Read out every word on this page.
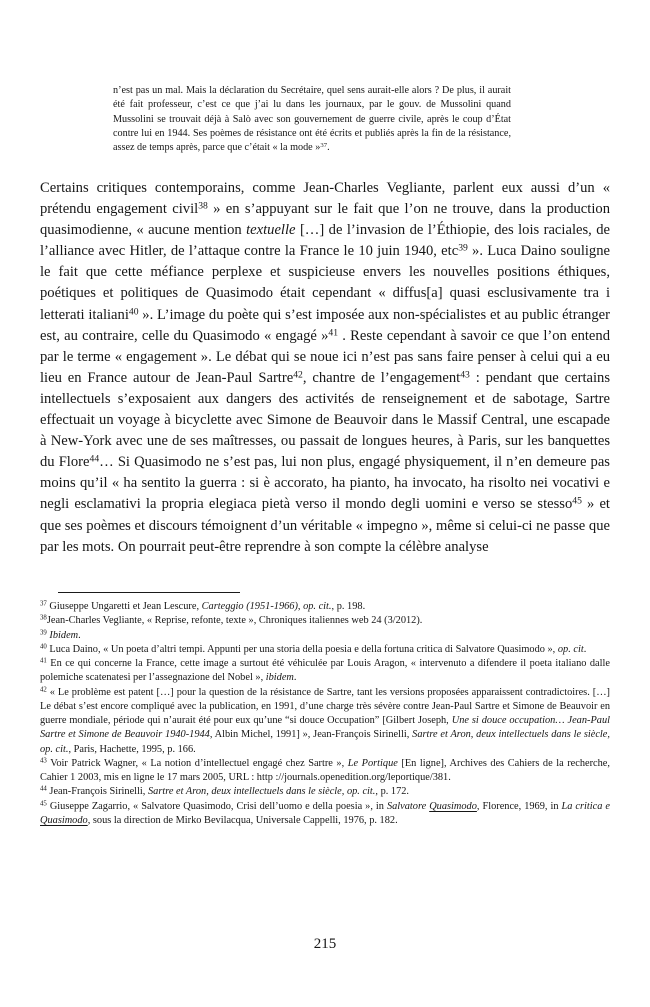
n’est pas un mal. Mais la déclaration du Secrétaire, quel sens aurait-elle alors ? De plus, il aurait été fait professeur, c’est ce que j’ai lu dans les journaux, par le gouv. de Mussolini quand Mussolini se trouvait déjà à Salò avec son gouvernement de guerre civile, après le coup d’État contre lui en 1944. Ses poèmes de résistance ont été écrits et publiés après la fin de la résistance, assez de temps après, parce que c’était « la mode »$^{37}$.

Certains critiques contemporains, comme Jean-Charles Vegliante, parlent eux aussi d’un « prétendu engagement civil$^{38}$ » en s’appuyant sur le fait que l’on ne trouve, dans la production quasimodienne, « aucune mention textuelle […] de l’invasion de l’Éthiopie, des lois raciales, de l’alliance avec Hitler, de l’attaque contre la France le 10 juin 1940, etc$^{39}$ ». Luca Daino souligne le fait que cette méfiance perplexe et suspicieuse envers les nouvelles positions éthiques, poétiques et politiques de Quasimodo était cependant « diffus[a] quasi esclusivamente tra i letterati italiani$^{40}$ ». L’image du poète qui s’est imposée aux non-spécialistes et au public étranger est, au contraire, celle du Quasimodo « engagé »$^{41}$ . Reste cependant à savoir ce que l’on entend par le terme « engagement ». Le débat qui se noue ici n’est pas sans faire penser à celui qui a eu lieu en France autour de Jean-Paul Sartre$^{42}$, chantre de l’engagement$^{43}$ : pendant que certains intellectuels s’exposaient aux dangers des activités de renseignement et de sabotage, Sartre effectuait un voyage à bicyclette avec Simone de Beauvoir dans le Massif Central, une escapade à New-York avec une de ses maîtresses, ou passait de longues heures, à Paris, sur les banquettes du Flore$^{44}$… Si Quasimodo ne s’est pas, lui non plus, engagé physiquement, il n’en demeure pas moins qu’il « ha sentito la guerra : si è accorato, ha pianto, ha invocato, ha risolto nei vocativi e negli esclamativi la propria elegiaca pietà verso il mondo degli uomini e verso se stesso$^{45}$ » et que ses poèmes et discours témoignent d’un véritable « impegno », même si celui-ci ne passe que par les mots. On pourrait peut-être reprendre à son compte la célèbre analyse

$^{37}$ Giuseppe Ungaretti et Jean Lescure, Carteggio (1951-1966), op. cit., p. 198.

$^{38}$Jean-Charles Vegliante, « Reprise, refonte, texte », Chroniques italiennes web 24 (3/2012).

$^{39}$ Ibidem.

$^{40}$ Luca Daino, « Un poeta d’altri tempi. Appunti per una storia della poesia e della fortuna critica di Salvatore Quasimodo », op. cit.

$^{41}$ En ce qui concerne la France, cette image a surtout été véhiculée par Louis Aragon, « intervenuto a difendere il poeta italiano dalle polemiche scatenatesi per l’assegnazione del Nobel », ibidem.

$^{42}$ « Le problème est patent […] pour la question de la résistance de Sartre, tant les versions proposées apparaissent contradictoires. […] Le débat s’est encore compliqué avec la publication, en 1991, d’une charge très sévère contre Jean-Paul Sartre et Simone de Beauvoir en guerre mondiale, période qui n’aurait été pour eux qu’une “si douce Occupation” [Gilbert Joseph, Une si douce occupation… Jean-Paul Sartre et Simone de Beauvoir 1940-1944, Albin Michel, 1991] », Jean-François Sirinelli, Sartre et Aron, deux intellectuels dans le siècle, op. cit., Paris, Hachette, 1995, p. 166.

$^{43}$ Voir Patrick Wagner, « La notion d’intellectuel engagé chez Sartre », Le Portique [En ligne], Archives des Cahiers de la recherche, Cahier 1 2003, mis en ligne le 17 mars 2005, URL : http ://journals.openedition.org/leportique/381.

$^{44}$ Jean-François Sirinelli, Sartre et Aron, deux intellectuels dans le siècle, op. cit., p. 172.

$^{45}$ Giuseppe Zagarrio, « Salvatore Quasimodo, Crisi dell’uomo e della poesia », in Salvatore Quasimodo, Florence, 1969, in La critica e Quasimodo, sous la direction de Mirko Bevilacqua, Universale Cappelli, 1976, p. 182.

215
